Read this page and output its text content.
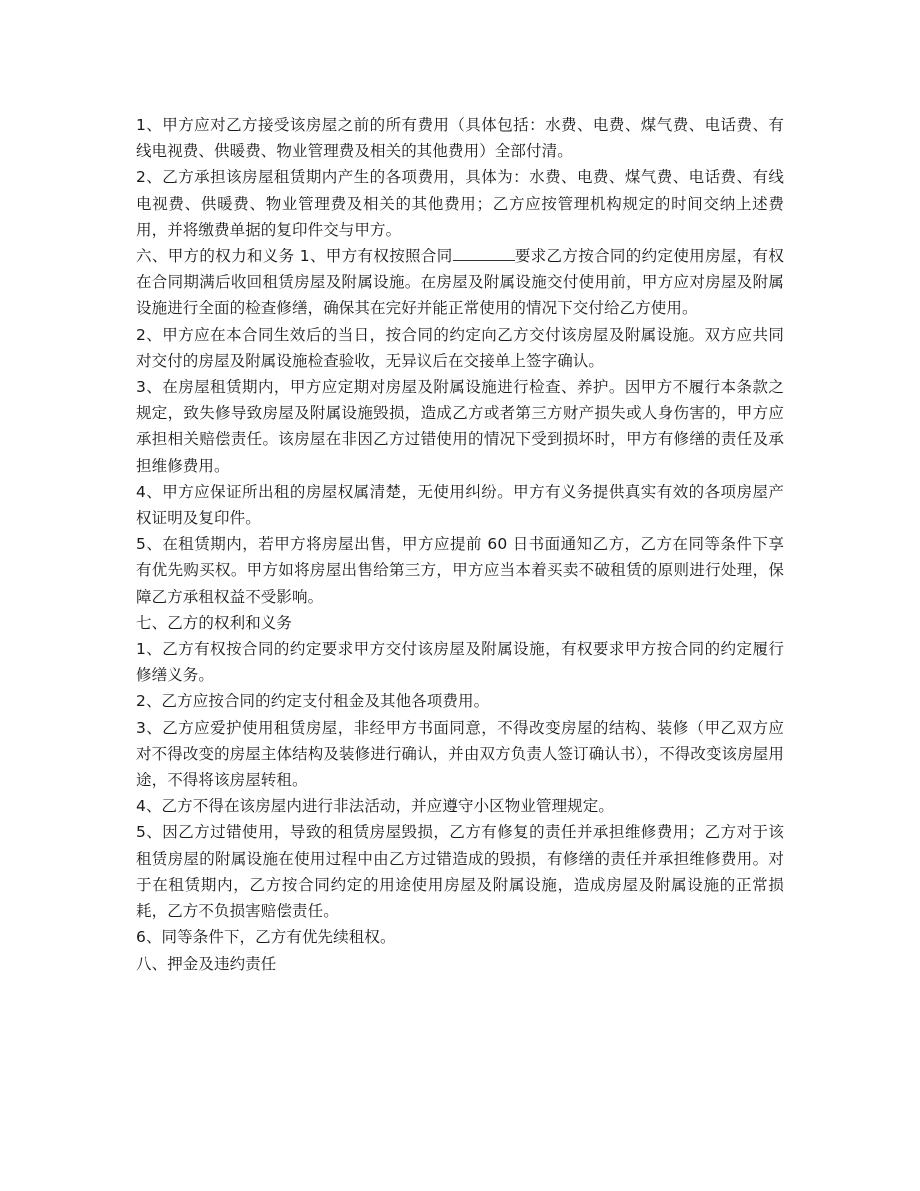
1、甲方应对乙方接受该房屋之前的所有费用（具体包括：水费、电费、煤气费、电话费、有线电视费、供暖费、物业管理费及相关的其他费用）全部付清。

2、乙方承担该房屋租赁期内产生的各项费用，具体为：水费、电费、煤气费、电话费、有线电视费、供暖费、物业管理费及相关的其他费用；乙方应按管理机构规定的时间交纳上述费用，并将缴费单据的复印件交与甲方。

六、甲方的权力和义务 1、甲方有权按照合同	要求乙方按合同的约定使用房屋，有权在合同期满后收回租赁房屋及附属设施。在房屋及附属设施交付使用前，甲方应对房屋及附属设施进行全面的检查修缮，确保其在完好并能正常使用的情况下交付给乙方使用。

2、甲方应在本合同生效后的当日，按合同的约定向乙方交付该房屋及附属设施。双方应共同对交付的房屋及附属设施检查验收，无异议后在交接单上签字确认。

3、在房屋租赁期内，甲方应定期对房屋及附属设施进行检查、养护。因甲方不履行本条款之规定，致失修导致房屋及附属设施毁损，造成乙方或者第三方财产损失或人身伤害的，甲方应承担相关赔偿责任。该房屋在非因乙方过错使用的情况下受到损坏时，甲方有修缮的责任及承担维修费用。

4、甲方应保证所出租的房屋权属清楚，无使用纠纷。甲方有义务提供真实有效的各项房屋产权证明及复印件。

5、在租赁期内，若甲方将房屋出售，甲方应提前 60 日书面通知乙方，乙方在同等条件下享有优先购买权。甲方如将房屋出售给第三方，甲方应当本着买卖不破租赁的原则进行处理，保障乙方承租权益不受影响。

七、乙方的权利和义务

1、乙方有权按合同的约定要求甲方交付该房屋及附属设施，有权要求甲方按合同的约定履行修缮义务。

2、乙方应按合同的约定支付租金及其他各项费用。

3、乙方应爱护使用租赁房屋，非经甲方书面同意，不得改变房屋的结构、装修（甲乙双方应对不得改变的房屋主体结构及装修进行确认，并由双方负责人签订确认书），不得改变该房屋用途，不得将该房屋转租。

4、乙方不得在该房屋内进行非法活动，并应遵守小区物业管理规定。

5、因乙方过错使用，导致的租赁房屋毁损，乙方有修复的责任并承担维修费用；乙方对于该租赁房屋的附属设施在使用过程中由乙方过错造成的毁损，有修缮的责任并承担维修费用。对于在租赁期内，乙方按合同约定的用途使用房屋及附属设施，造成房屋及附属设施的正常损耗，乙方不负损害赔偿责任。

6、同等条件下，乙方有优先续租权。

八、押金及违约责任
